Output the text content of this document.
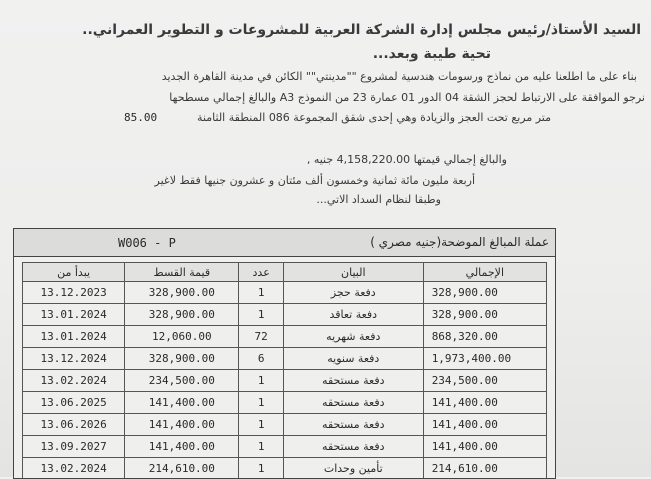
السيد الأستاذ/رئيس مجلس إدارة الشركة العربية للمشروعات و التطوير العمراني..
تحية طيبة وبعد...
بناء على ما اطلعنا عليه من نماذج ورسومات هندسية لمشروع ""مدينتي"" الكائن في مدينة القاهرة الجديد
نرجو الموافقة على الارتباط لحجز الشقة 04 الدور 01 عمارة 23 من النموذج A3 والبالغ إجمالي مسطحها
متر مربع تحت العجز والزيادة وهي إحدى شقق المجموعة 086 المنطقة الثامنة
85.00
والبالغ إجمالي قيمتها 4,158,220.00 جنيه ,
أربعة مليون مائة ثمانية وخمسون ألف مئتان و عشرون جنيها فقط لاغير
وطبقا لنظام السداد الاتي...
W006 - P	عملة المبالغ الموضحة(جنيه مصري )
يبدأ من	قيمة القسط	عدد	البيان	الإجمالي
13.12.2023	328,900.00	1	دفعة حجز	328,900.00
13.01.2024	328,900.00	1	دفعة تعاقد	328,900.00
13.01.2024	12,060.00	72	دفعة شهريه	868,320.00
13.12.2024	328,900.00	6	دفعة سنويه	1,973,400.00
13.02.2024	234,500.00	1	دفعة مستحقه	234,500.00
13.06.2025	141,400.00	1	دفعة مستحقه	141,400.00
13.06.2026	141,400.00	1	دفعة مستحقه	141,400.00
13.09.2027	141,400.00	1	دفعة مستحقه	141,400.00
13.02.2024	214,610.00	1	تأمين وحدات	214,610.00
